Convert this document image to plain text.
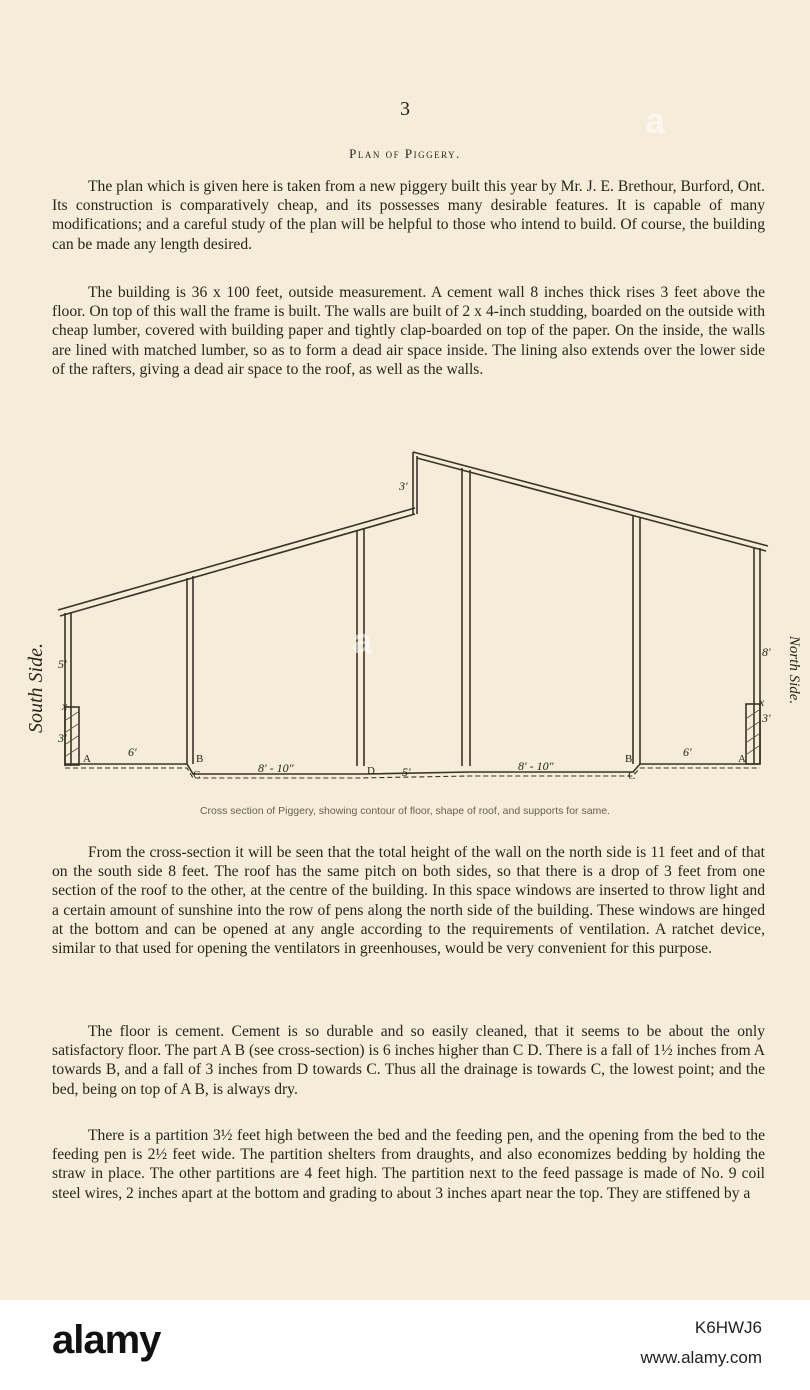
3
Plan of Piggery.

The plan which is given here is taken from a new piggery built this year by Mr. J. E. Brethour, Burford, Ont. Its construction is comparatively cheap, and its possesses many desirable features. It is capable of many modifications; and a careful study of the plan will be helpful to those who intend to build. Of course, the building can be made any length desired.

The building is 36 x 100 feet, outside measurement. A cement wall 8 inches thick rises 3 feet above the floor. On top of this wall the frame is built. The walls are built of 2 x 4-inch studding, boarded on the outside with cheap lumber, covered with building paper and tightly clap-boarded on top of the paper. On the inside, the walls are lined with matched lumber, so as to form a dead air space inside. The lining also extends over the lower side of the rafters, giving a dead air space to the roof, as well as the walls.

South Side.	North Side.
A	B
C	D
B
C
A
6'
8' - 10"	5'	8' - 10"
6'
3'
5'
3'
8'
3'
x	x
Cross section of Piggery, showing contour of floor, shape of roof, and supports for same.

From the cross-section it will be seen that the total height of the wall on the north side is 11 feet and of that on the south side 8 feet. The roof has the same pitch on both sides, so that there is a drop of 3 feet from one section of the roof to the other, at the centre of the building. In this space windows are inserted to throw light and a certain amount of sunshine into the row of pens along the north side of the building. These windows are hinged at the bottom and can be opened at any angle according to the requirements of ventilation. A ratchet device, similar to that used for opening the ventilators in greenhouses, would be very convenient for this purpose.

The floor is cement. Cement is so durable and so easily cleaned, that it seems to be about the only satisfactory floor. The part A B (see cross-section) is 6 inches higher than C D. There is a fall of 1½ inches from A towards B, and a fall of 3 inches from D towards C. Thus all the drainage is towards C, the lowest point; and the bed, being on top of A B, is always dry.

There is a partition 3½ feet high between the bed and the feeding pen, and the opening from the bed to the feeding pen is 2½ feet wide. The partition shelters from draughts, and also economizes bedding by holding the straw in place. The other partitions are 4 feet high. The partition next to the feed passage is made of No. 9 coil steel wires, 2 inches apart at the bottom and grading to about 3 inches apart near the top. They are stiffened by a

a
a
alamy	K6HWJ6
www.alamy.com
